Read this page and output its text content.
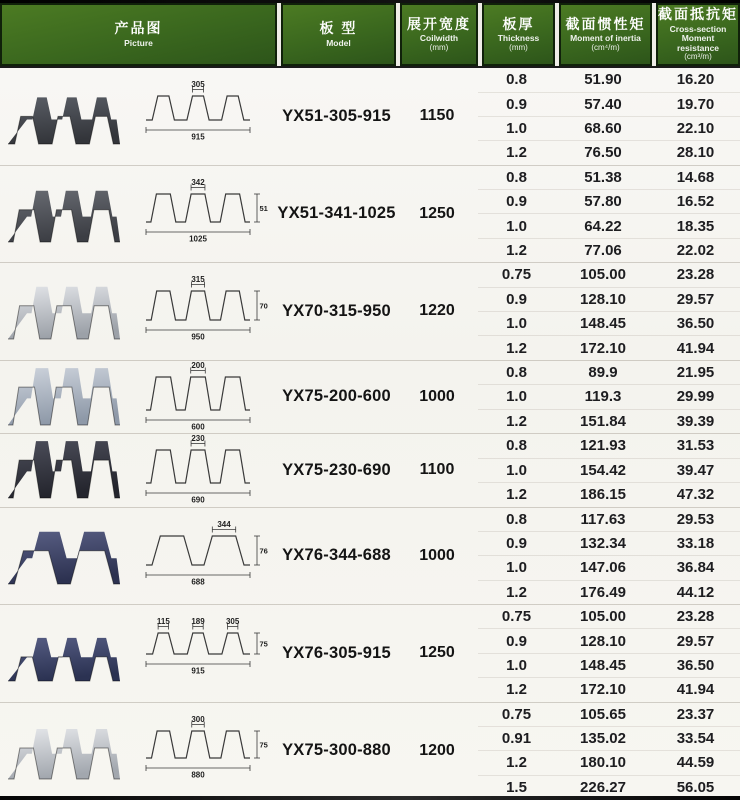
产品图
Picture
板 型
Model
展开宽度
Coilwidth
(mm)
板厚
Thickness
(mm)
截面惯性矩
Moment of inertia
(cm⁴/m)
截面抵抗矩
Cross-section Moment resistance
(cm³/m)
305
915
YX51-305-915	1150
0.8	51.90	16.20
0.9	57.40	19.70
1.0	68.60	22.10
1.2	76.50	28.10
342
1025
51 YX51-341-1025	1250
0.8	51.38	14.68
0.9	57.80	16.52
1.0	64.22	18.35
1.2	77.06	22.02
315
950
70 YX70-315-950	1220
0.75	105.00	23.28
0.9	128.10	29.57
1.0	148.45	36.50
1.2	172.10	41.94
200
600
YX75-200-600	1000
0.8	89.9	21.95
1.0	119.3	29.99
1.2	151.84	39.39
230
690
YX75-230-690	1100
0.8	121.93	31.53
1.0	154.42	39.47
1.2	186.15	47.32
344
688
76 YX76-344-688	1000
0.8	117.63	29.53
0.9	132.34	33.18
1.0	147.06	36.84
1.2	176.49	44.12
115	189	305
915
75 YX76-305-915	1250
0.75	105.00	23.28
0.9	128.10	29.57
1.0	148.45	36.50
1.2	172.10	41.94
300
880
75 YX75-300-880	1200
0.75	105.65	23.37
0.91	135.02	33.54
1.2	180.10	44.59
1.5	226.27	56.05
